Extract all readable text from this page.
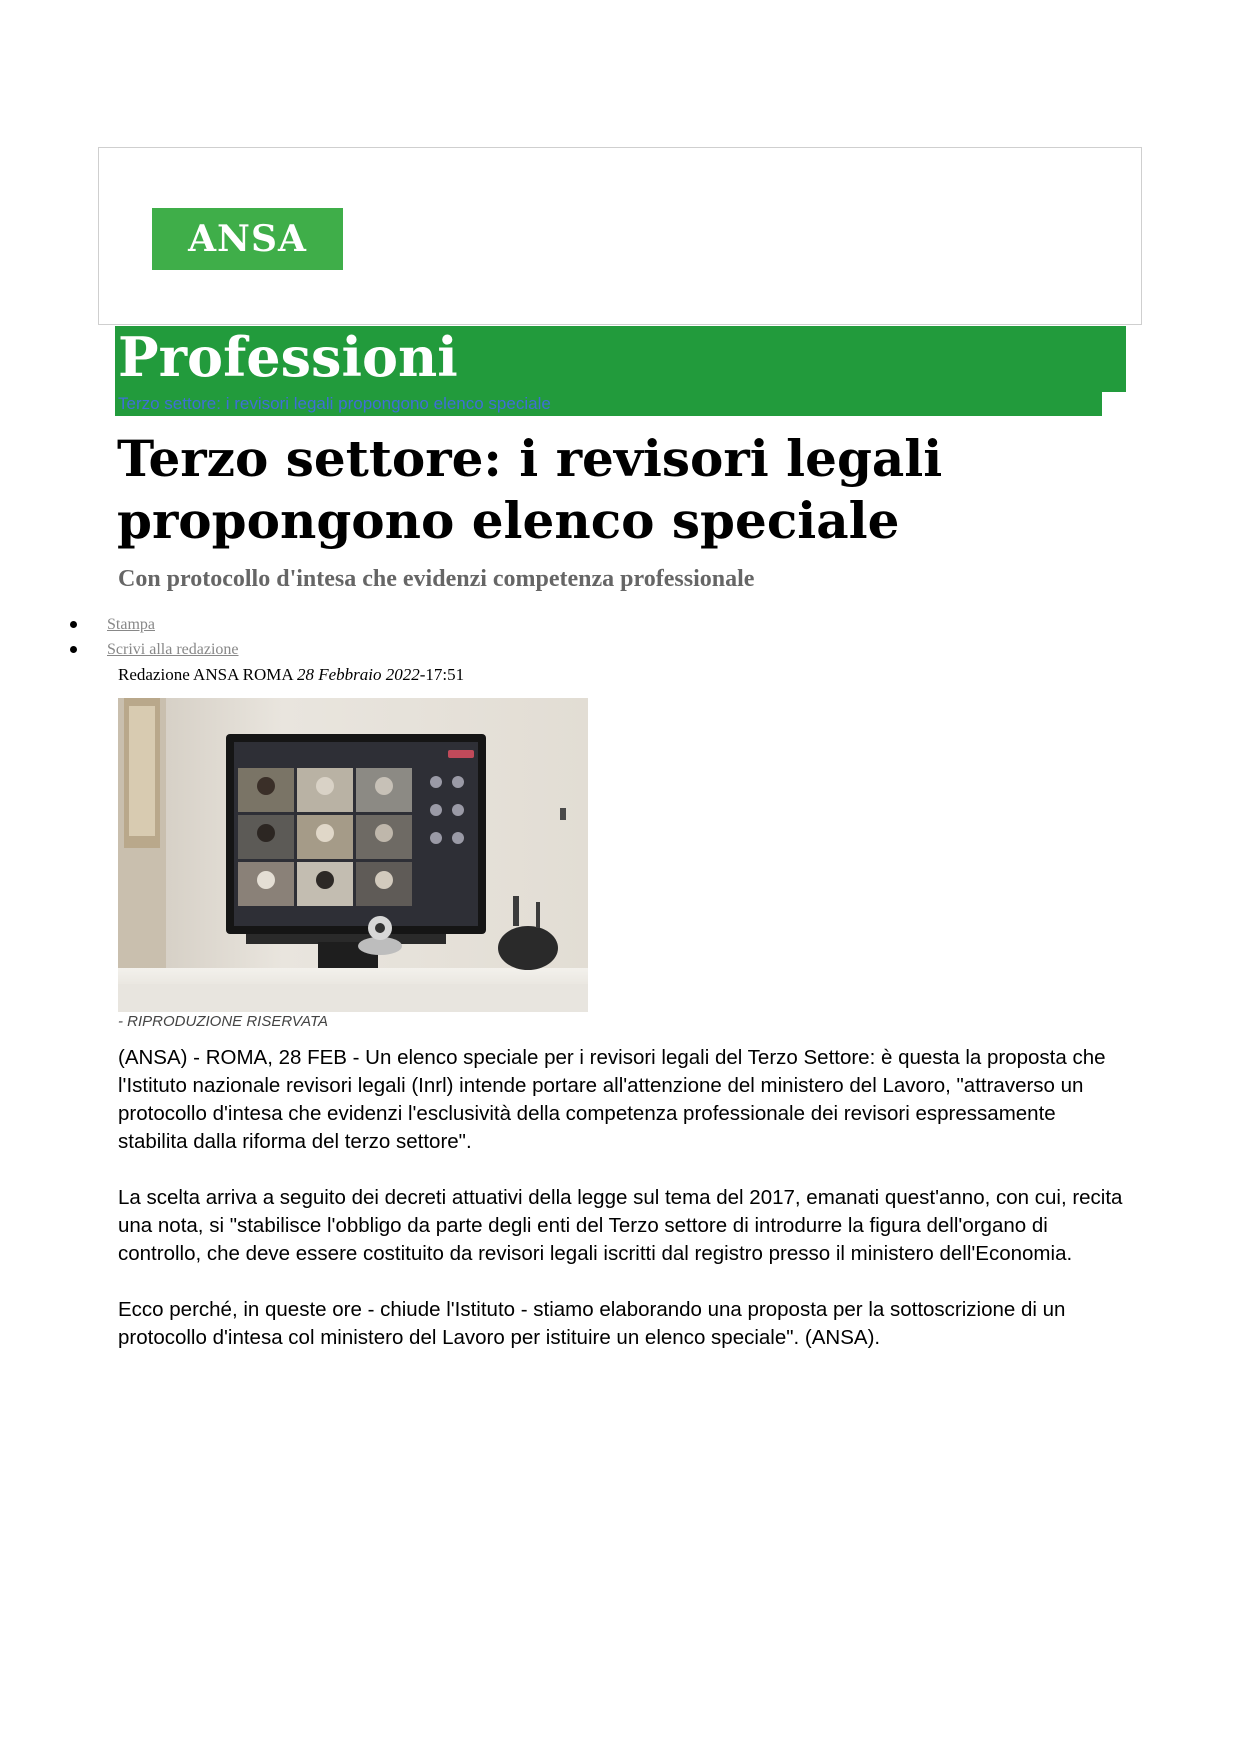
ANSA
Professioni
Terzo settore: i revisori legali propongono elenco speciale
Terzo settore: i revisori legali propongono elenco speciale
Con protocollo d'intesa che evidenzi competenza professionale
Stampa
Scrivi alla redazione
Redazione ANSA ROMA 28 Febbraio 2022-17:51
- RIPRODUZIONE RISERVATA

(ANSA) - ROMA, 28 FEB - Un elenco speciale per i revisori legali del Terzo Settore: è questa la proposta che l'Istituto nazionale revisori legali (Inrl) intende portare all'attenzione del ministero del Lavoro, "attraverso un protocollo d'intesa che evidenzi l'esclusività della competenza professionale dei revisori espressamente stabilita dalla riforma del terzo settore".

La scelta arriva a seguito dei decreti attuativi della legge sul tema del 2017, emanati quest'anno, con cui, recita una nota, si "stabilisce l'obbligo da parte degli enti del Terzo settore di introdurre la figura dell'organo di controllo, che deve essere costituito da revisori legali iscritti dal registro presso il ministero dell'Economia.

Ecco perché, in queste ore - chiude l'Istituto - stiamo elaborando una proposta per la sottoscrizione di un protocollo d'intesa col ministero del Lavoro per istituire un elenco speciale". (ANSA).
